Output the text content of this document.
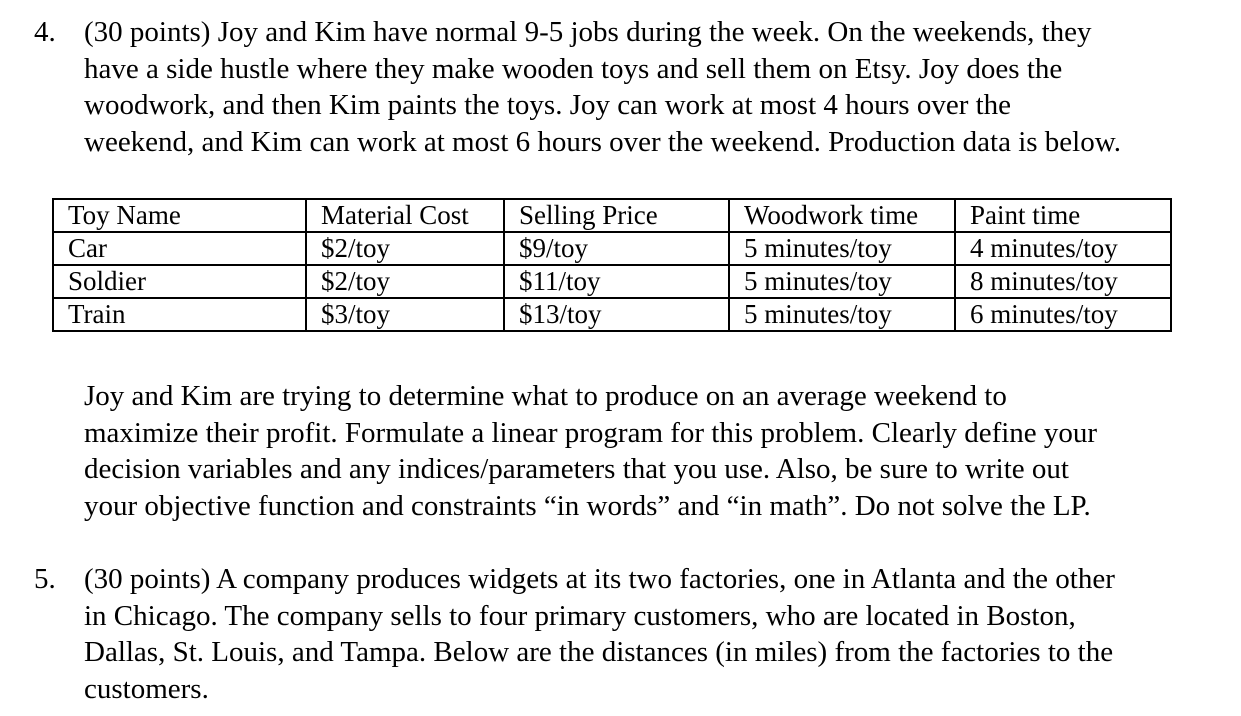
4. (30 points) Joy and Kim have normal 9-5 jobs during the week. On the weekends, they
have a side hustle where they make wooden toys and sell them on Etsy. Joy does the
woodwork, and then Kim paints the toys. Joy can work at most 4 hours over the
weekend, and Kim can work at most 6 hours over the weekend. Production data is below.
Toy Name	Material Cost	Selling Price	Woodwork time	Paint time
Car	$2/toy	$9/toy	5 minutes/toy	4 minutes/toy
Soldier	$2/toy	$11/toy	5 minutes/toy	8 minutes/toy
Train	$3/toy	$13/toy	5 minutes/toy	6 minutes/toy
Joy and Kim are trying to determine what to produce on an average weekend to
maximize their profit. Formulate a linear program for this problem. Clearly define your
decision variables and any indices/parameters that you use. Also, be sure to write out
your objective function and constraints “in words” and “in math”. Do not solve the LP.
5. (30 points) A company produces widgets at its two factories, one in Atlanta and the other
in Chicago. The company sells to four primary customers, who are located in Boston,
Dallas, St. Louis, and Tampa. Below are the distances (in miles) from the factories to the
customers.
